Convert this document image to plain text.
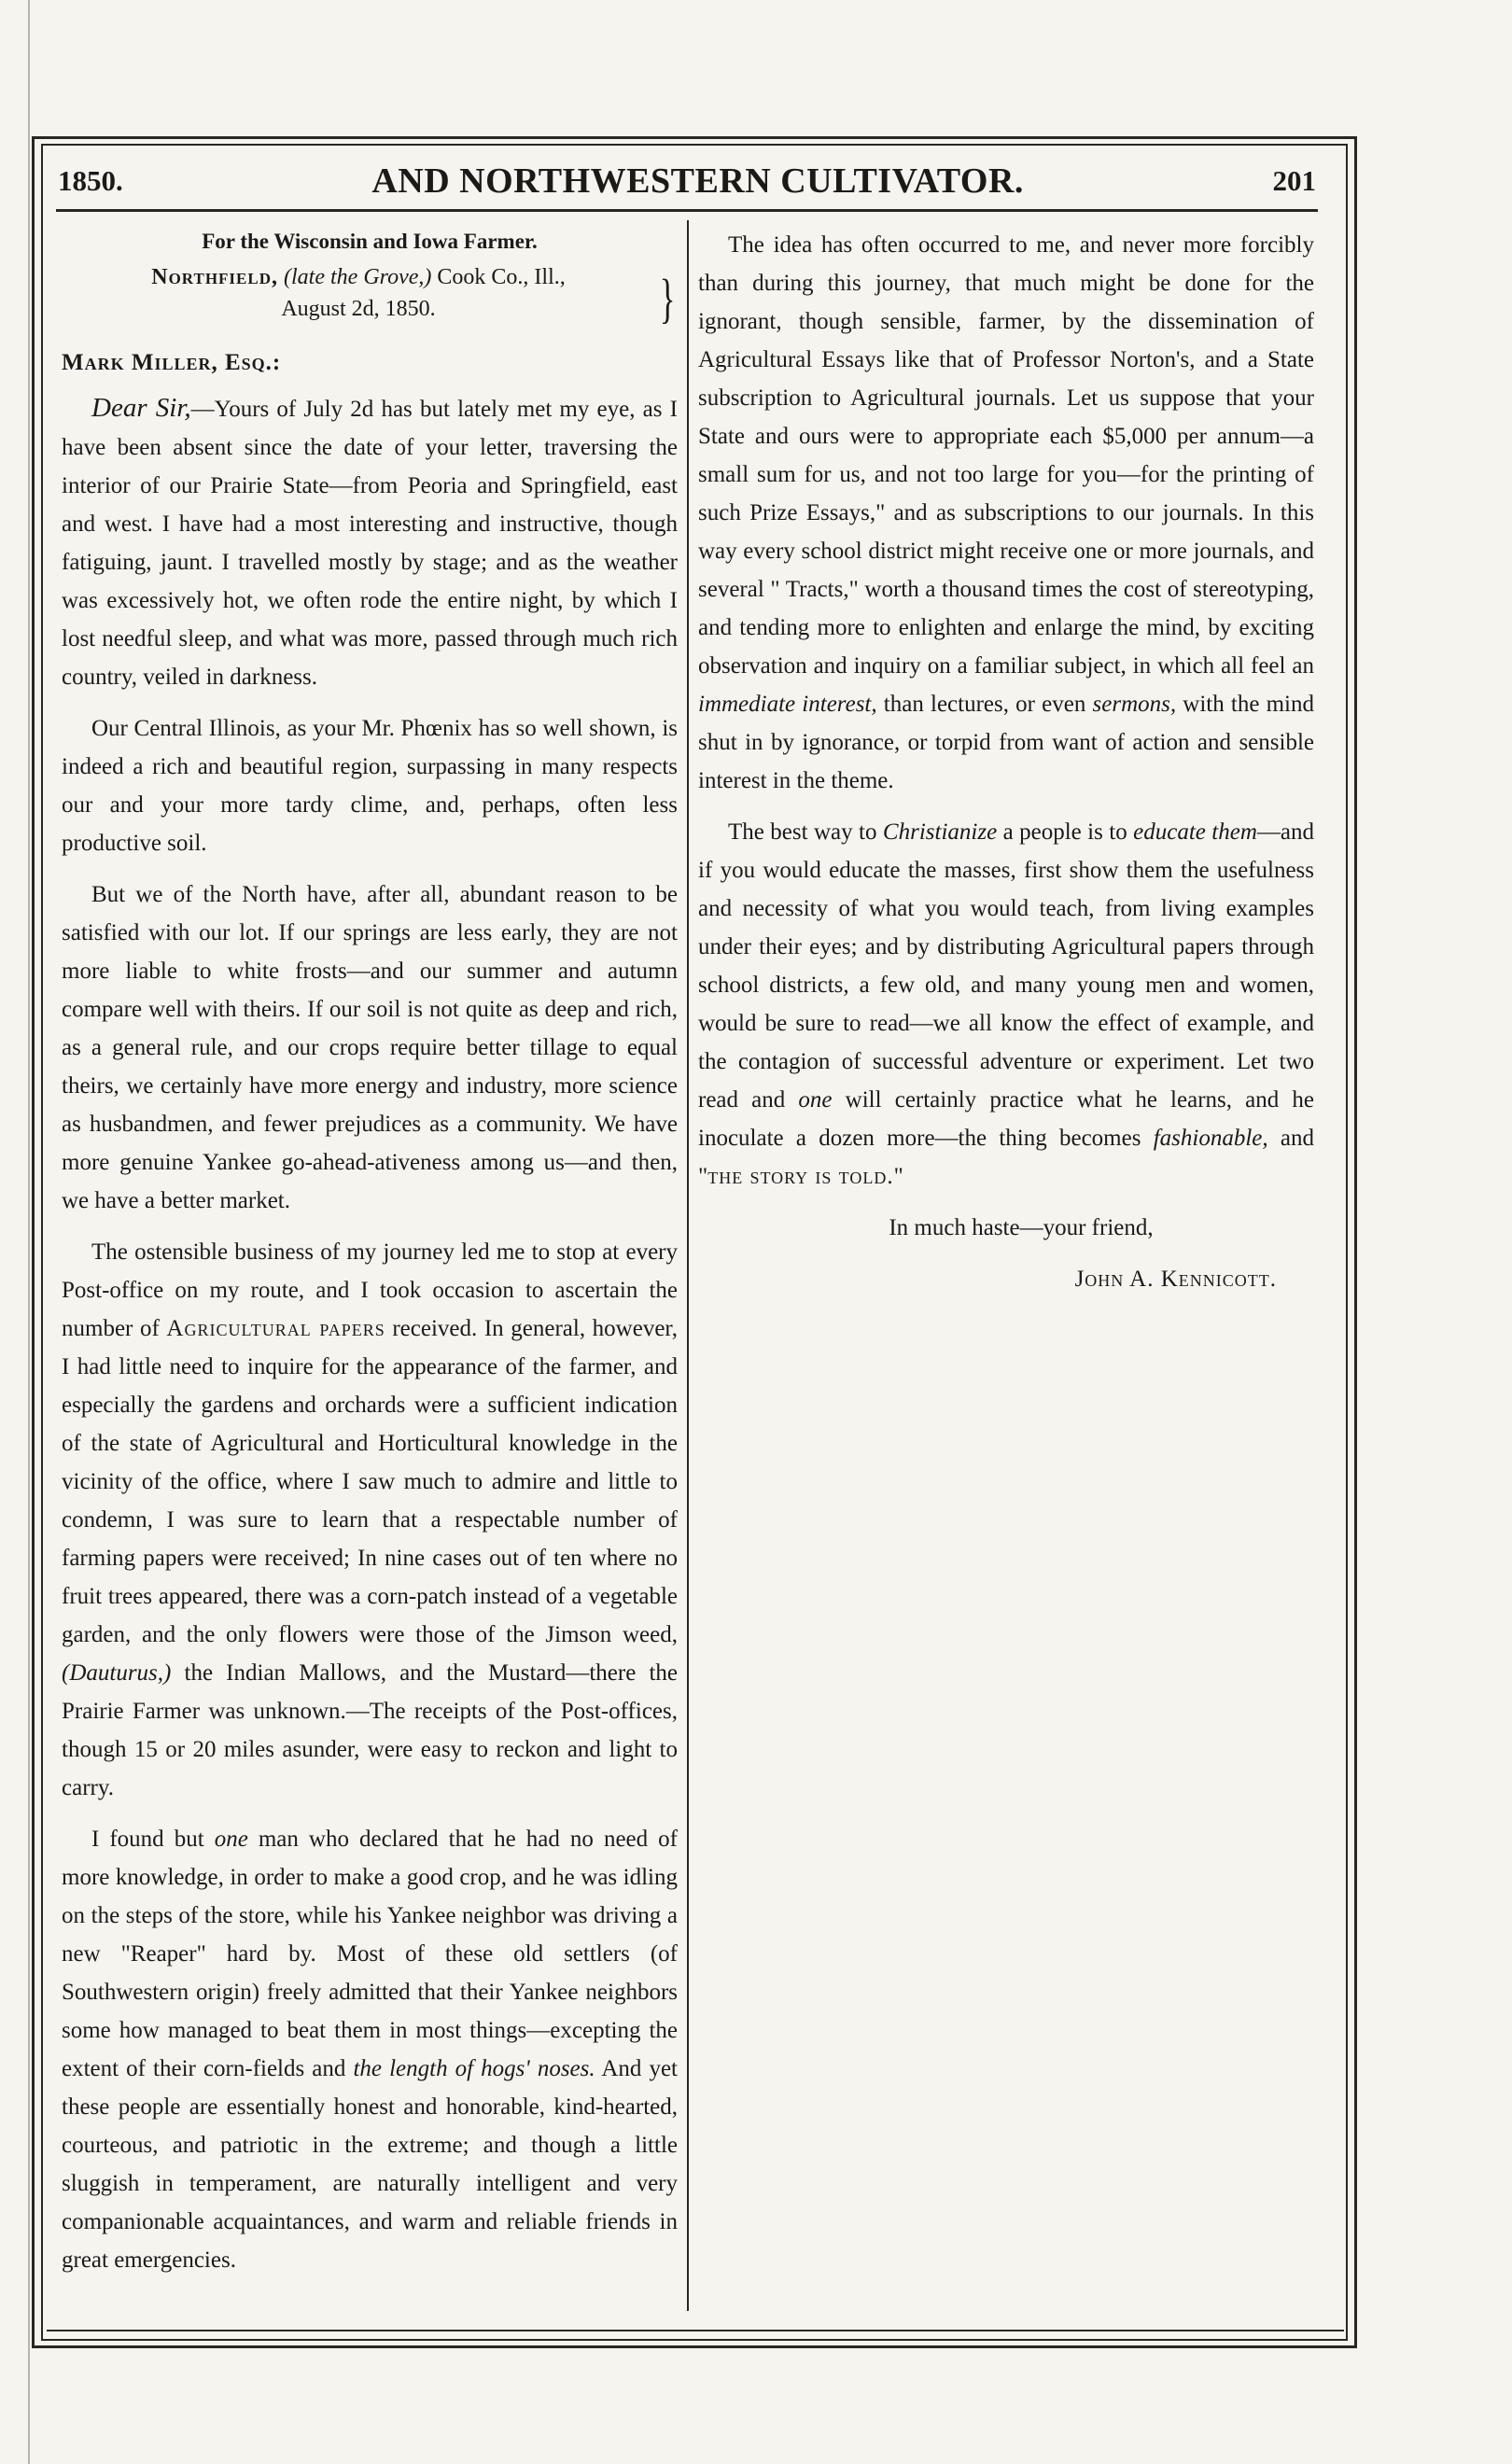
1850.	AND NORTHWESTERN CULTIVATOR.	201
For the Wisconsin and Iowa Farmer.
Northfield, (late the Grove,) Cook Co., Ill.,
August 2d, 1850.	}

Mark Miller, Esq.:

Dear Sir,—Yours of July 2d has but lately met my eye, as I have been absent since the date of your letter, traversing the interior of our Prairie State—from Peoria and Springfield, east and west. I have had a most interesting and instructive, though fatiguing, jaunt. I travelled mostly by stage; and as the weather was excessively hot, we often rode the entire night, by which I lost needful sleep, and what was more, passed through much rich country, veiled in darkness.

Our Central Illinois, as your Mr. Phœnix has so well shown, is indeed a rich and beautiful region, surpassing in many respects our and your more tardy clime, and, perhaps, often less productive soil.

But we of the North have, after all, abundant reason to be satisfied with our lot. If our springs are less early, they are not more liable to white frosts—and our summer and autumn compare well with theirs. If our soil is not quite as deep and rich, as a general rule, and our crops require better tillage to equal theirs, we certainly have more energy and industry, more science as husbandmen, and fewer prejudices as a community. We have more genuine Yankee go-ahead-ativeness among us—and then, we have a better market.

The ostensible business of my journey led me to stop at every Post-office on my route, and I took occasion to ascertain the number of Agricultural papers received. In general, however, I had little need to inquire for the appearance of the farmer, and especially the gardens and orchards were a sufficient indication of the state of Agricultural and Horticultural knowledge in the vicinity of the office, where I saw much to admire and little to condemn, I was sure to learn that a respectable number of farming papers were received; In nine cases out of ten where no fruit trees appeared, there was a corn-patch instead of a vegetable garden, and the only flowers were those of the Jimson weed, (Dauturus,) the Indian Mallows, and the Mustard—there the Prairie Farmer was unknown.—The receipts of the Post-offices, though 15 or 20 miles asunder, were easy to reckon and light to carry.

I found but one man who declared that he had no need of more knowledge, in order to make a good crop, and he was idling on the steps of the store, while his Yankee neighbor was driving a new "Reaper" hard by. Most of these old settlers (of Southwestern origin) freely admitted that their Yankee neighbors some how managed to beat them in most things—excepting the extent of their corn-fields and the length of hogs' noses. And yet these people are essentially honest and honorable, kind-hearted, courteous, and patriotic in the extreme; and though a little sluggish in temperament, are naturally intelligent and very companionable acquaintances, and warm and reliable friends in great emergencies.

The idea has often occurred to me, and never more forcibly than during this journey, that much might be done for the ignorant, though sensible, farmer, by the dissemination of Agricultural Essays like that of Professor Norton's, and a State subscription to Agricultural journals. Let us suppose that your State and ours were to appropriate each $5,000 per annum—a small sum for us, and not too large for you—for the printing of such Prize Essays," and as subscriptions to our journals. In this way every school district might receive one or more journals, and several " Tracts," worth a thousand times the cost of stereotyping, and tending more to enlighten and enlarge the mind, by exciting observation and inquiry on a familiar subject, in which all feel an immediate interest, than lectures, or even sermons, with the mind shut in by ignorance, or torpid from want of action and sensible interest in the theme.

The best way to Christianize a people is to educate them—and if you would educate the masses, first show them the usefulness and necessity of what you would teach, from living examples under their eyes; and by distributing Agricultural papers through school districts, a few old, and many young men and women, would be sure to read—we all know the effect of example, and the contagion of successful adventure or experiment. Let two read and one will certainly practice what he learns, and he inoculate a dozen more—the thing becomes fashionable, and "the story is told."

In much haste—your friend,

John A. Kennicott.
